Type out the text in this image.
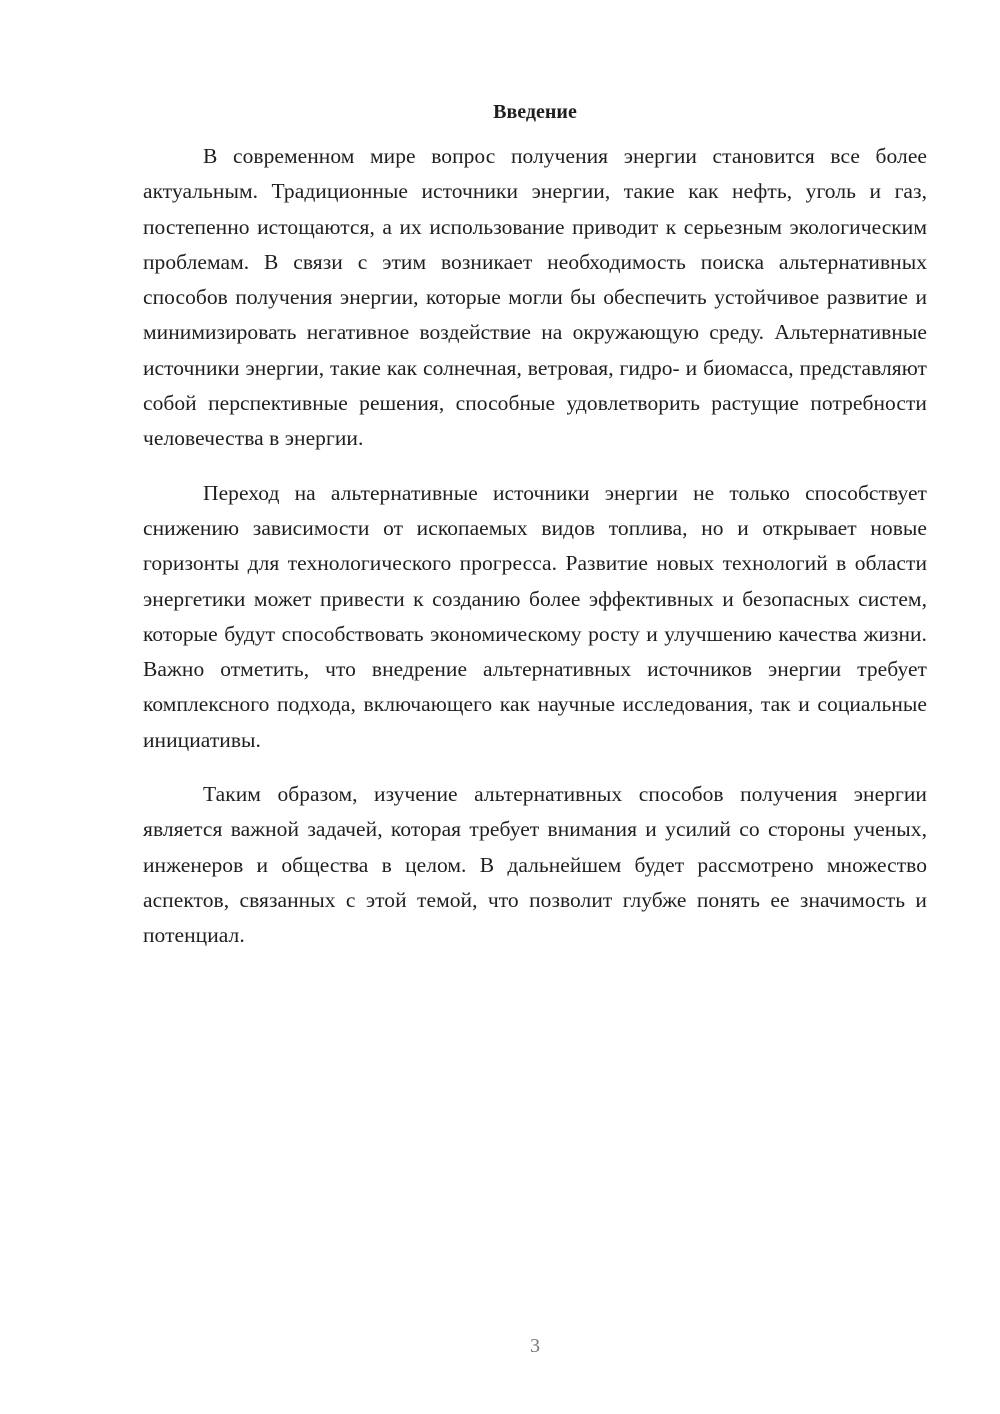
Введение

В современном мире вопрос получения энергии становится все более актуальным. Традиционные источники энергии, такие как нефть, уголь и газ, постепенно истощаются, а их использование приводит к серьезным экологическим проблемам. В связи с этим возникает необходимость поиска альтернативных способов получения энергии, которые могли бы обеспечить устойчивое развитие и минимизировать негативное воздействие на окружающую среду. Альтернативные источники энергии, такие как солнечная, ветровая, гидро- и биомасса, представляют собой перспективные решения, способные удовлетворить растущие потребности человечества в энергии.

Переход на альтернативные источники энергии не только способствует снижению зависимости от ископаемых видов топлива, но и открывает новые горизонты для технологического прогресса. Развитие новых технологий в области энергетики может привести к созданию более эффективных и безопасных систем, которые будут способствовать экономическому росту и улучшению качества жизни. Важно отметить, что внедрение альтернативных источников энергии требует комплексного подхода, включающего как научные исследования, так и социальные инициативы.

Таким образом, изучение альтернативных способов получения энергии является важной задачей, которая требует внимания и усилий со стороны ученых, инженеров и общества в целом. В дальнейшем будет рассмотрено множество аспектов, связанных с этой темой, что позволит глубже понять ее значимость и потенциал.

3
